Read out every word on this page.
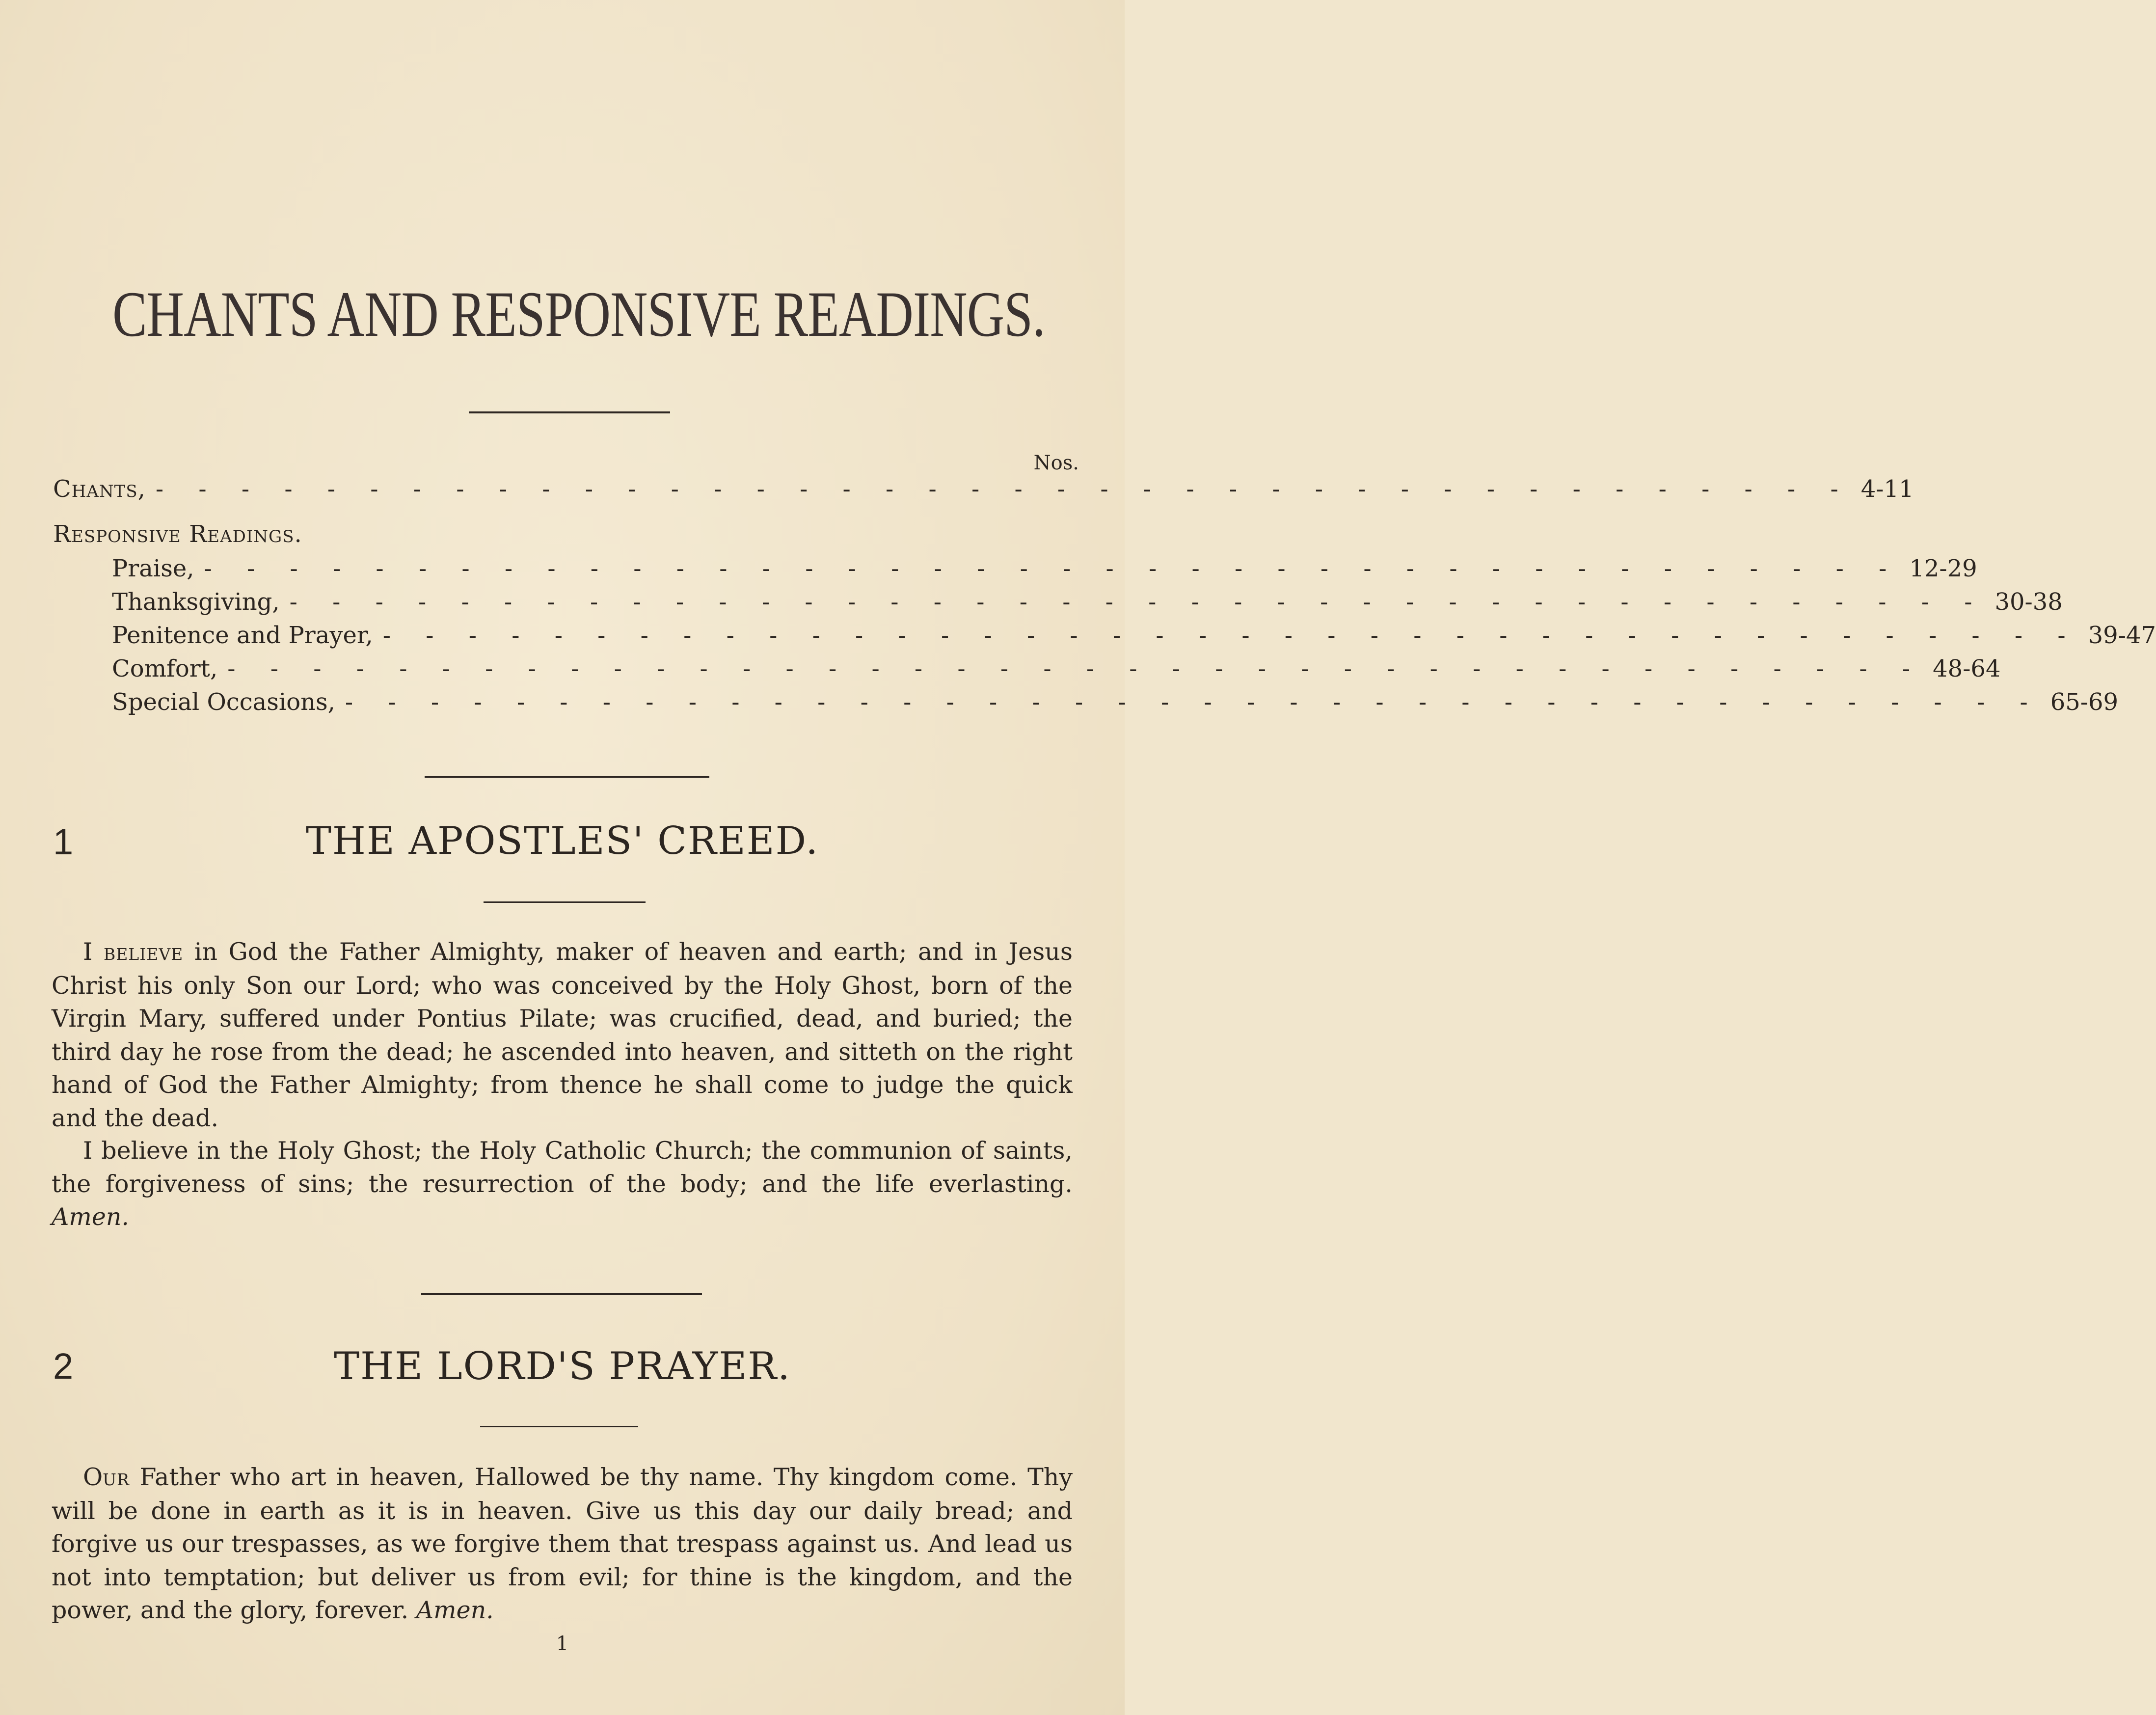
CHANTS AND RESPONSIVE READINGS.
Nos.
Chants, - - - - - - - - - - - - - - - - - - - - - - - - - - - - - - - - - - - - - - - - 4-11
Responsive Readings.
Praise, - - - - - - - - - - - - - - - - - - - - - - - - - - - - - - - - - - - - - - - - 12-29
Thanksgiving, - - - - - - - - - - - - - - - - - - - - - - - - - - - - - - - - - - - - - - - - 30-38
Penitence and Prayer, - - - - - - - - - - - - - - - - - - - - - - - - - - - - - - - - - - - - - - - - 39-47
Comfort, - - - - - - - - - - - - - - - - - - - - - - - - - - - - - - - - - - - - - - - - 48-64
Special Occasions, - - - - - - - - - - - - - - - - - - - - - - - - - - - - - - - - - - - - - - - - 65-69
1	THE APOSTLES' CREED.
I believe in God the Father Almighty, maker of heaven and earth; and in Jesus Christ his only Son our Lord; who was conceived by the Holy Ghost, born of the Virgin Mary, suffered under Pontius Pilate; was crucified, dead, and buried; the third day he rose from the dead; he ascended into heaven, and sitteth on the right hand of God the Father Almighty; from thence he shall come to judge the quick and the dead.
I believe in the Holy Ghost; the Holy Catholic Church; the communion of saints, the forgiveness of sins; the resurrection of the body; and the life everlasting. Amen.
2	THE LORD'S PRAYER.
Our Father who art in heaven, Hallowed be thy name. Thy kingdom come. Thy will be done in earth as it is in heaven. Give us this day our daily bread; and forgive us our trespasses, as we forgive them that trespass against us. And lead us not into temptation; but deliver us from evil; for thine is the kingdom, and the power, and the glory, forever. Amen.
1
